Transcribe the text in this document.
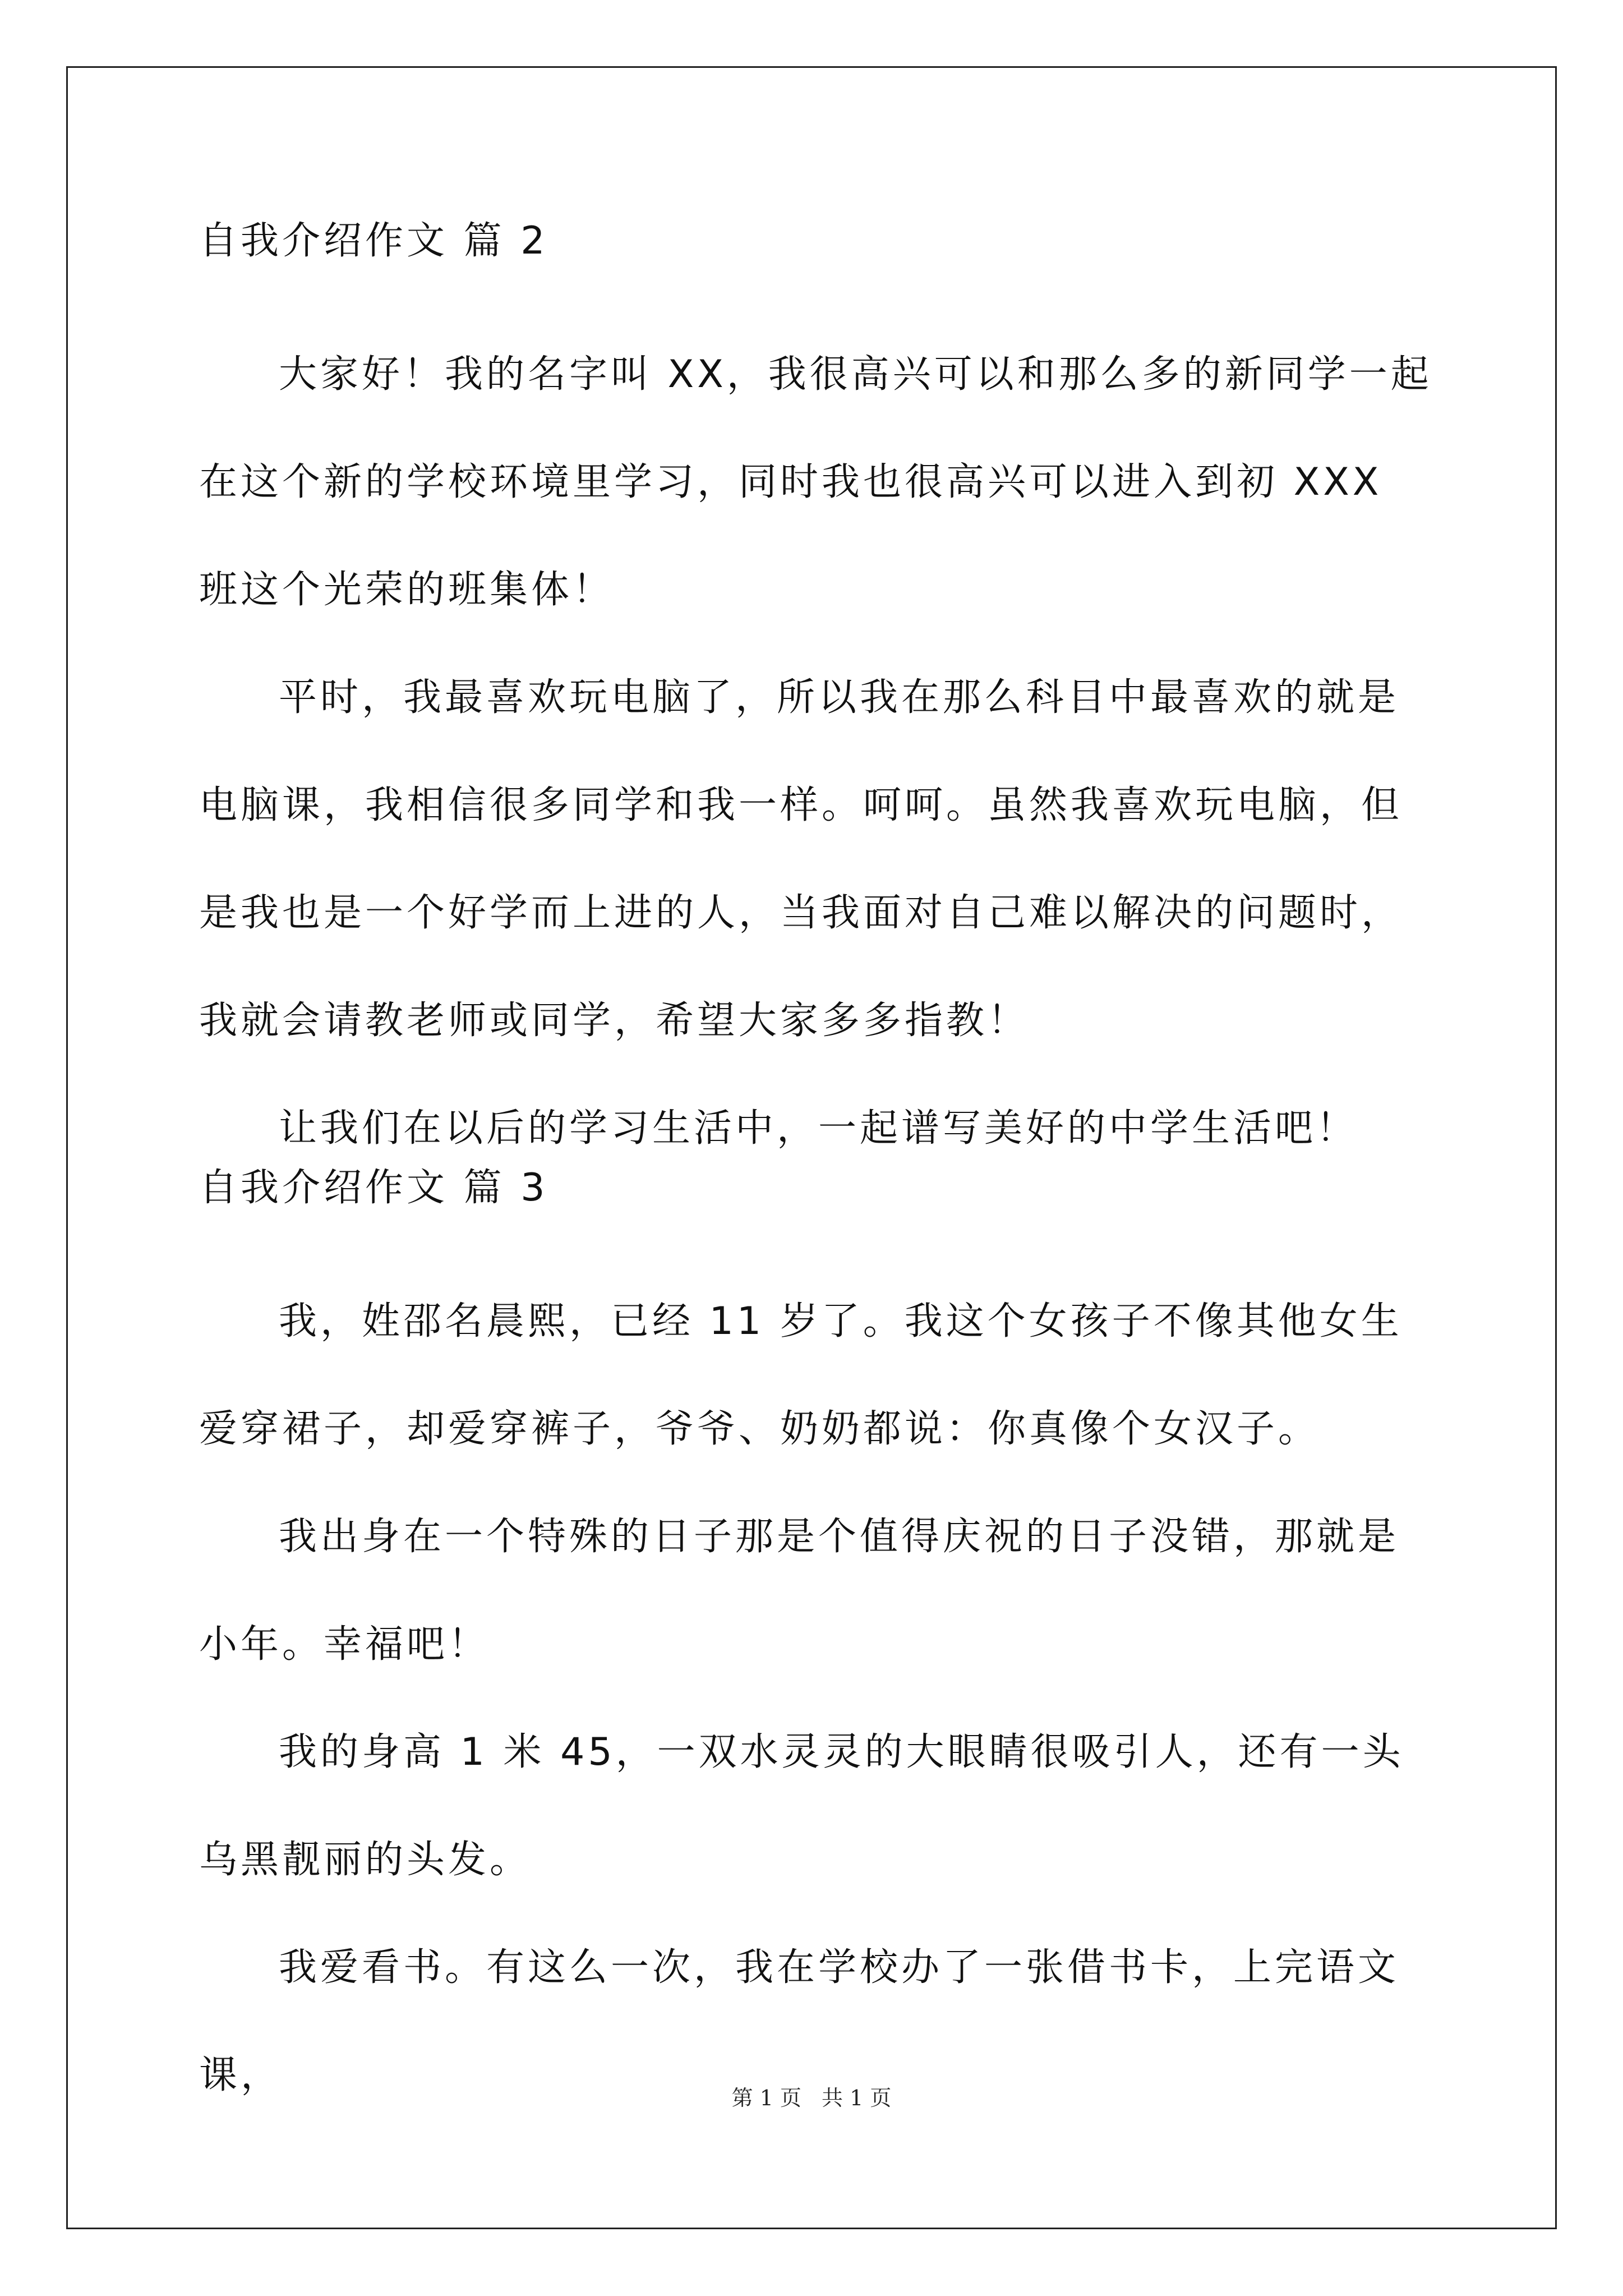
自我介绍作文 篇 2

大家好！我的名字叫 XX，我很高兴可以和那么多的新同学一起在这个新的学校环境里学习，同时我也很高兴可以进入到初 XXX 班这个光荣的班集体！

平时，我最喜欢玩电脑了，所以我在那么科目中最喜欢的就是电脑课，我相信很多同学和我一样。呵呵。虽然我喜欢玩电脑，但是我也是一个好学而上进的人，当我面对自己难以解决的问题时，我就会请教老师或同学，希望大家多多指教！

让我们在以后的学习生活中，一起谱写美好的中学生活吧！

自我介绍作文 篇 3

我，姓邵名晨熙，已经 11 岁了。我这个女孩子不像其他女生爱穿裙子，却爱穿裤子，爷爷、奶奶都说：你真像个女汉子。

我出身在一个特殊的日子那是个值得庆祝的日子没错，那就是小年。幸福吧！

我的身高 1 米 45，一双水灵灵的大眼睛很吸引人，还有一头乌黑靓丽的头发。

我爱看书。有这么一次，我在学校办了一张借书卡，上完语文课，

第 1 页 共 1 页
